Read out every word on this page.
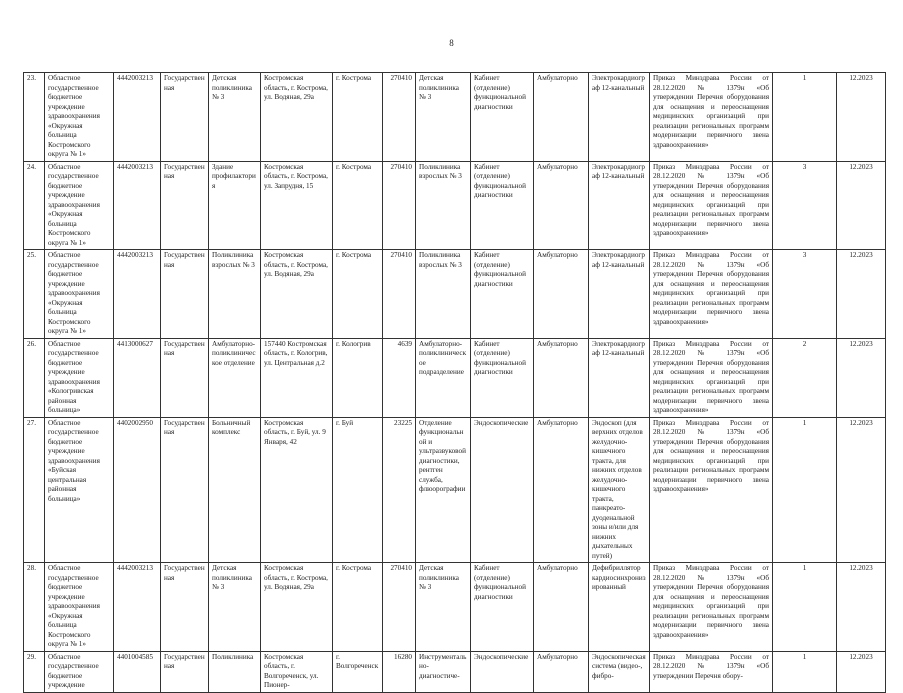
8
23.	Областное государственное бюджетное учреждение здравоохранения «Окружная больница Костромского округа № 1»	4442003213	Государственная	Детская поликлиника № 3	Костромская область, г. Кострома, ул. Водяная, 29а	г. Кострома	270410	Детская поликлиника № 3	Кабинет (отделение) функциональной диагностики	Амбулаторно	Электрокардиограф 12-канальный	Приказ Минздрава России от 28.12.2020 № 1379н «Об утверждении Перечня оборудования для оснащения и переоснащения медицинских организаций при реализации региональных программ модернизации первичного звена здравоохранения»	1	12.2023
24.	Областное государственное бюджетное учреждение здравоохранения «Окружная больница Костромского округа № 1»	4442003213	Государственная	Здание профилактория	Костромская область, г. Кострома, ул. Запрудня, 15	г. Кострома	270410	Поликлиника взрослых № 3	Кабинет (отделение) функциональной диагностики	Амбулаторно	Электрокардиограф 12-канальный	Приказ Минздрава России от 28.12.2020 № 1379н «Об утверждении Перечня оборудования для оснащения и переоснащения медицинских организаций при реализации региональных программ модернизации первичного звена здравоохранения»	3	12.2023
25.	Областное государственное бюджетное учреждение здравоохранения «Окружная больница Костромского округа № 1»	4442003213	Государственная	Поликлиника взрослых № 3	Костромская область, г. Кострома, ул. Водяная, 29а	г. Кострома	270410	Поликлиника взрослых № 3	Кабинет (отделение) функциональной диагностики	Амбулаторно	Электрокардиограф 12-канальный	Приказ Минздрава России от 28.12.2020 № 1379н «Об утверждении Перечня оборудования для оснащения и переоснащения медицинских организаций при реализации региональных программ модернизации первичного звена здравоохранения»	3	12.2023
26.	Областное государственное бюджетное учреждение здравоохранения «Кологривская районная больница»	4413000627	Государственная	Амбулаторно-поликлиническое отделение	157440 Костромская область, г. Кологрив, ул. Центральная д.2	г. Кологрив	4639	Амбулаторно-поликлиническое подразделение	Кабинет (отделение) функциональной диагностики	Амбулаторно	Электрокардиограф 12-канальный	Приказ Минздрава России от 28.12.2020 № 1379н «Об утверждении Перечня оборудования для оснащения и переоснащения медицинских организаций при реализации региональных программ модернизации первичного звена здравоохранения»	2	12.2023
27.	Областное государственное бюджетное учреждение здравоохранения «Буйская центральная районная больница»	4402002950	Государственная	Больничный комплекс	Костромская область, г. Буй, ул. 9 Января, 42	г. Буй	23225	Отделение функциональной и ультразвуковой диагностики, рентген служба, флюорографии	Эндоскопические	Амбулаторно	Эндоскоп (для верхних отделов желудочно-кишечного тракта, для нижних отделов желудочно-кишечного тракта, панкреато-дуоденальной зоны и/или для нижних дыхательных путей)	Приказ Минздрава России от 28.12.2020 № 1379н «Об утверждении Перечня оборудования для оснащения и переоснащения медицинских организаций при реализации региональных программ модернизации первичного звена здравоохранения»	1	12.2023
28.	Областное государственное бюджетное учреждение здравоохранения «Окружная больница Костромского округа № 1»	4442003213	Государственная	Детская поликлиника № 3	Костромская область, г. Кострома, ул. Водяная, 29а	г. Кострома	270410	Детская поликлиника № 3	Кабинет (отделение) функциональной диагностики	Амбулаторно	Дефибриллятор кардиосинхронизированный	Приказ Минздрава России от 28.12.2020 № 1379н «Об утверждении Перечня оборудования для оснащения и переоснащения медицинских организаций при реализации региональных программ модернизации первичного звена здравоохранения»	1	12.2023
29.	Областное государственное бюджетное учреждение	4401004585	Государственная	Поликлиника	Костромская область, г. Волгореченск, ул. Пионер-	г. Волгореченск	16280	Инструментально-диагностиче-	Эндоскопические	Амбулаторно	Эндоскопическая система (видео-, фибро-	Приказ Минздрава России от 28.12.2020 № 1379н «Об утверждении Перечня обору-	1	12.2023
